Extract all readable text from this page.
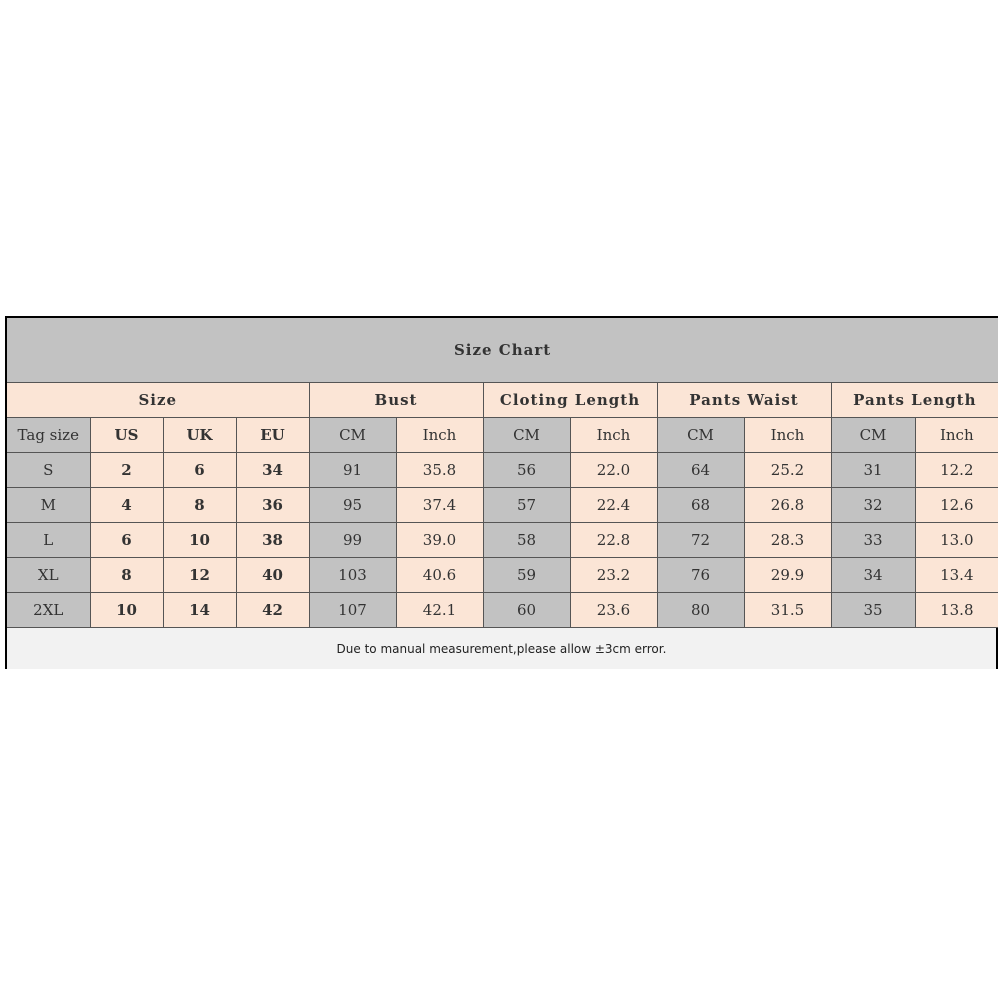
Size Chart											
Size				Bust		Cloting Length		Pants Waist		Pants Length	
Tag size	US	UK	EU	CM	Inch	CM	Inch	CM	Inch	CM	Inch
S	2	6	34	91	35.8	56	22.0	64	25.2	31	12.2
M	4	8	36	95	37.4	57	22.4	68	26.8	32	12.6
L	6	10	38	99	39.0	58	22.8	72	28.3	33	13.0
XL	8	12	40	103	40.6	59	23.2	76	29.9	34	13.4
2XL	10	14	42	107	42.1	60	23.6	80	31.5	35	13.8
Due to manual measurement,please allow ±3cm error.
